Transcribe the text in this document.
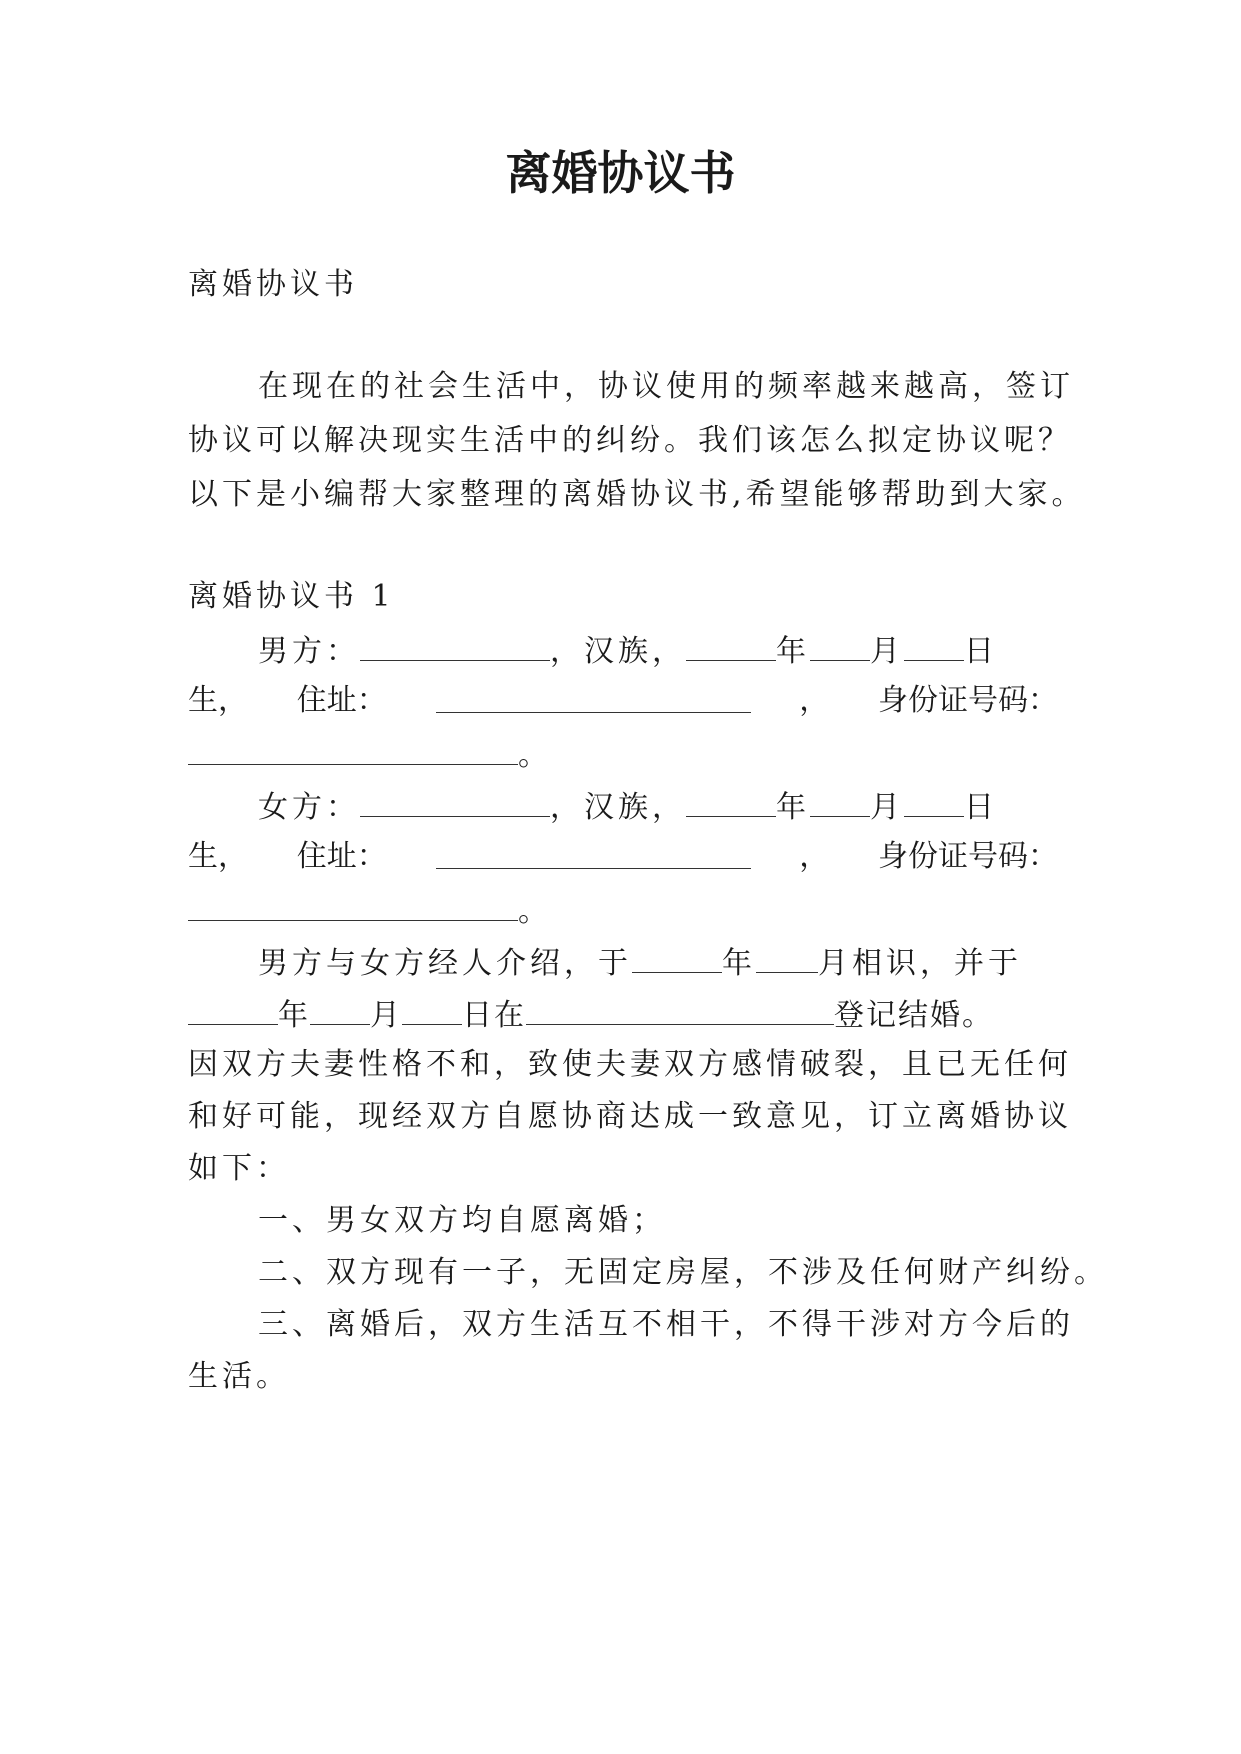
离婚协议书
离婚协议书
在现在的社会生活中，协议使用的频率越来越高，签订
协议可以解决现实生活中的纠纷。我们该怎么拟定协议呢？
以下是小编帮大家整理的离婚协议书,希望能够帮助到大家。
离婚协议书 1
男方：	，汉族，	年 月 日
生， 住址：	， 身份证号码：
。
女方：	，汉族，	年 月 日
生， 住址：	， 身份证号码：
。
男方与女方经人介绍，于	年 月相识，并于
年 月 日在	登记结婚。
因双方夫妻性格不和，致使夫妻双方感情破裂，且已无任何
和好可能，现经双方自愿协商达成一致意见，订立离婚协议
如下：
一、男女双方均自愿离婚；
二、双方现有一子，无固定房屋，不涉及任何财产纠纷。
三、离婚后，双方生活互不相干，不得干涉对方今后的
生活。
